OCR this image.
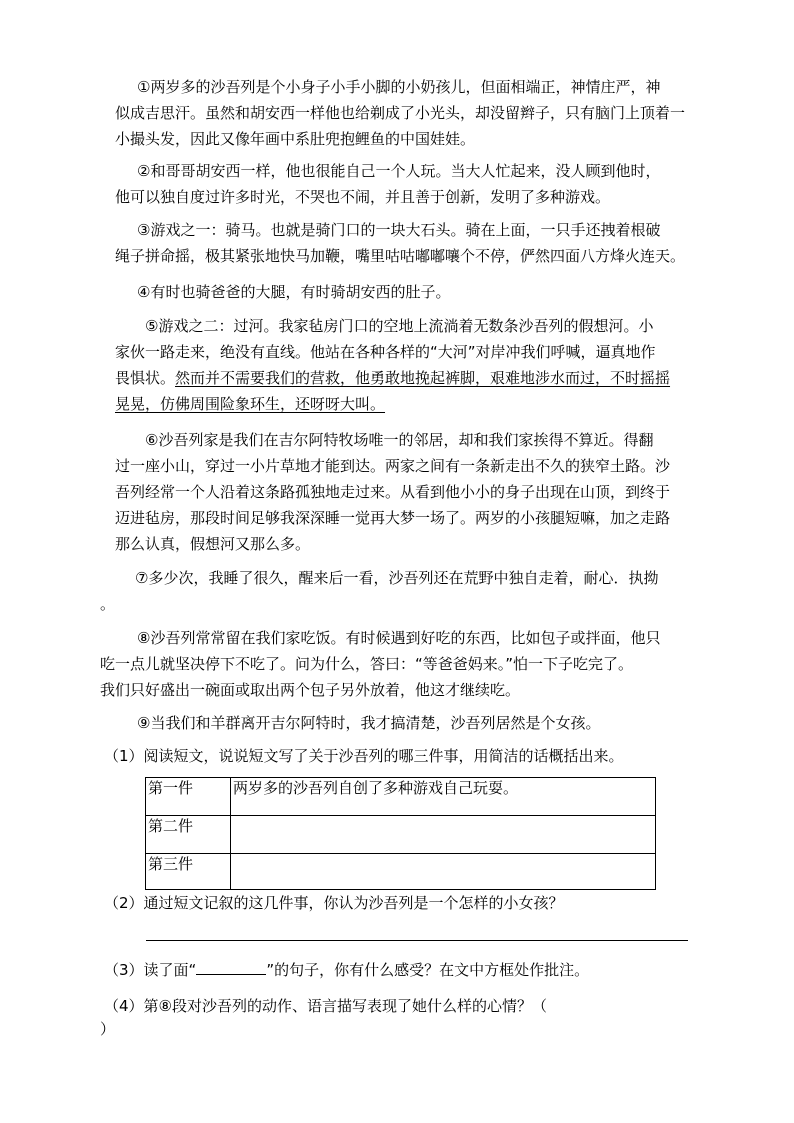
①两岁多的沙吾列是个小身子小手小脚的小奶孩儿，但面相端正，神情庄严，神
似成吉思汗。虽然和胡安西一样他也给剃成了小光头，却没留辫子，只有脑门上顶着一
小撮头发，因此又像年画中系肚兜抱鲤鱼的中国娃娃。
②和哥哥胡安西一样，他也很能自己一个人玩。当大人忙起来，没人顾到他时，
他可以独自度过许多时光，不哭也不闹，并且善于创新，发明了多种游戏。
③游戏之一：骑马。也就是骑门口的一块大石头。骑在上面，一只手还拽着根破
绳子拼命摇，极其紧张地快马加鞭，嘴里咕咕嘟嘟嚷个不停，俨然四面八方烽火连天。
④有时也骑爸爸的大腿，有时骑胡安西的肚子。
⑤游戏之二：过河。我家毡房门口的空地上流淌着无数条沙吾列的假想河。小
家伙一路走来，绝没有直线。他站在各种各样的“大河”对岸冲我们呼喊，逼真地作
畏惧状。然而并不需要我们的营救，他勇敢地挽起裤脚，艰难地涉水而过，不时摇摇
晃晃，仿佛周围险象环生，还呀呀大叫。
⑥沙吾列家是我们在吉尔阿特牧场唯一的邻居，却和我们家挨得不算近。得翻
过一座小山，穿过一小片草地才能到达。两家之间有一条新走出不久的狭窄土路。沙
吾列经常一个人沿着这条路孤独地走过来。从看到他小小的身子出现在山顶，到终于
迈进毡房，那段时间足够我深深睡一觉再大梦一场了。两岁的小孩腿短嘛，加之走路
那么认真，假想河又那么多。
⑦多少次，我睡了很久，醒来后一看，沙吾列还在荒野中独自走着，耐心．执拗
。
⑧沙吾列常常留在我们家吃饭。有时候遇到好吃的东西，比如包子或拌面，他只
吃一点儿就坚决停下不吃了。问为什么，答曰：“等爸爸妈来。”怕一下子吃完了。
我们只好盛出一碗面或取出两个包子另外放着，他这才继续吃。
⑨当我们和羊群离开吉尔阿特时，我才搞清楚，沙吾列居然是个女孩。
（1）阅读短文，说说短文写了关于沙吾列的哪三件事，用简洁的话概括出来。
第一件	两岁多的沙吾列自创了多种游戏自己玩耍。
第二件	
第三件	
（2）通过短文记叙的这几件事，你认为沙吾列是一个怎样的小女孩？
（3）读了面“	”的句子，你有什么感受？在文中方框处作批注。
（4）第⑧段对沙吾列的动作、语言描写表现了她什么样的心情？（
）
